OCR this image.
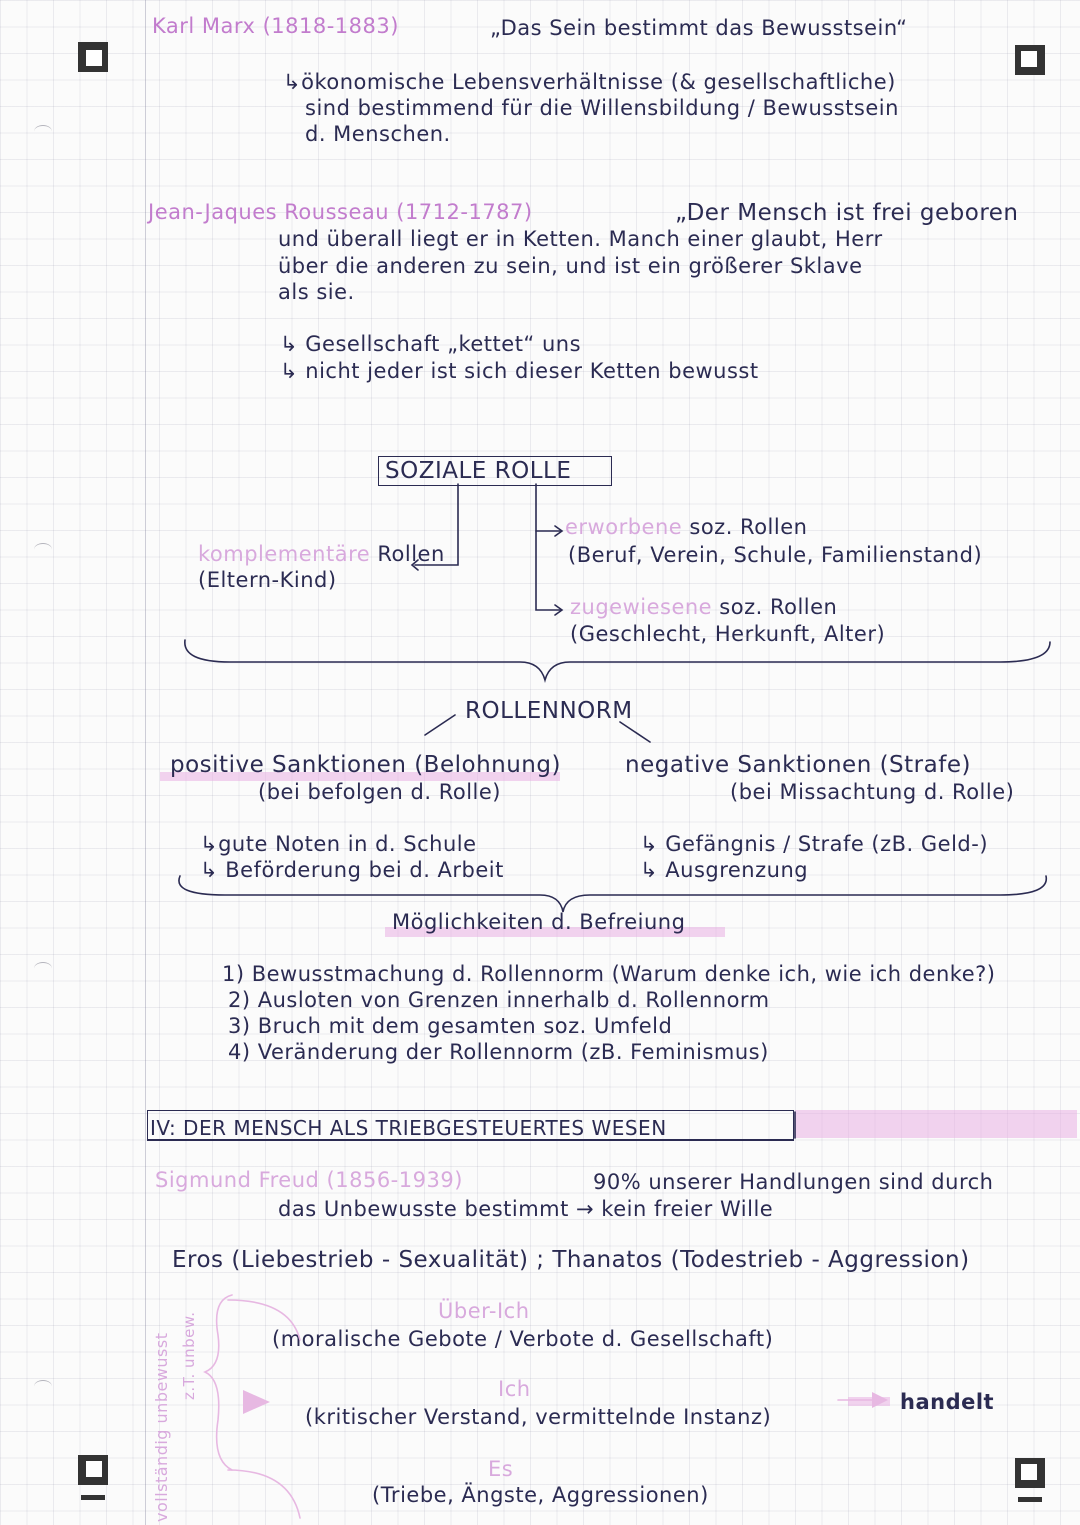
Karl Marx (1818-1883)	„Das Sein bestimmt das Bewusstsein“
↳ökonomische Lebensverhältnisse (& gesellschaftliche)
sind bestimmend für die Willensbildung / Bewusstsein
d. Menschen.
Jean-Jaques Rousseau (1712-1787)	„Der Mensch ist frei geboren
und überall liegt er in Ketten. Manch einer glaubt, Herr
über die anderen zu sein, und ist ein größerer Sklave
als sie.
↳ Gesellschaft „kettet“ uns
↳ nicht jeder ist sich dieser Ketten bewusst
SOZIALE ROLLE
komplementäre Rollen
(Eltern-Kind)
erworbene soz. Rollen
(Beruf, Verein, Schule, Familienstand)
zugewiesene soz. Rollen
(Geschlecht, Herkunft, Alter)
ROLLENNORM
positive Sanktionen (Belohnung)
(bei befolgen d. Rolle)
negative Sanktionen (Strafe)
(bei Missachtung d. Rolle)
↳gute Noten in d. Schule
↳ Beförderung bei d. Arbeit
↳ Gefängnis / Strafe (zB. Geld-)
↳ Ausgrenzung
Möglichkeiten d. Befreiung
1) Bewusstmachung d. Rollennorm (Warum denke ich, wie ich denke?)
2) Ausloten von Grenzen innerhalb d. Rollennorm
3) Bruch mit dem gesamten soz. Umfeld
4) Veränderung der Rollennorm (zB. Feminismus)
IV: DER MENSCH ALS TRIEBGESTEUERTES WESEN
Sigmund Freud (1856-1939)	90% unserer Handlungen sind durch
das Unbewusste bestimmt → kein freier Wille
Eros (Liebestrieb - Sexualität) ; Thanatos (Todestrieb - Aggression)
Über-Ich
(moralische Gebote / Verbote d. Gesellschaft)
Ich
(kritischer Verstand, vermittelnde Instanz)
handelt
Es
(Triebe, Ängste, Aggressionen)
vollständig unbewusst z.T. unbew.
